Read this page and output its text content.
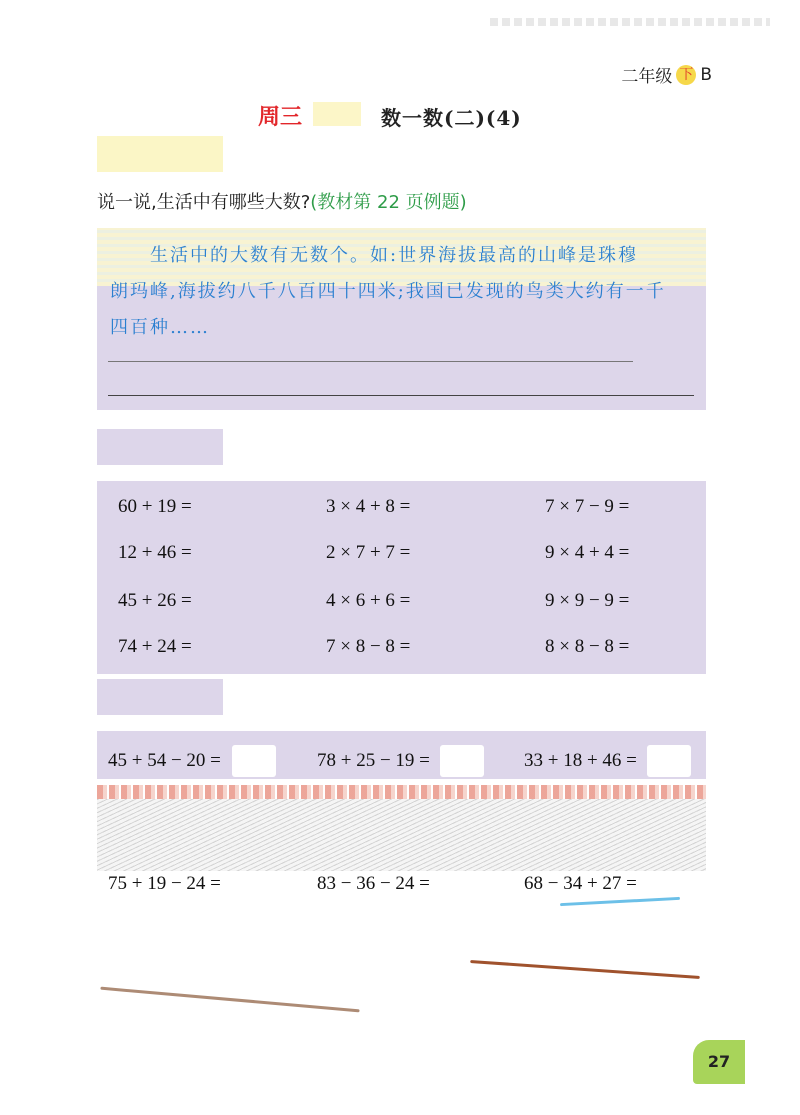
二年级 下 B
周三	数一数(二)(4)
说一说,生活中有哪些大数?(教材第 22 页例题)
　　生活中的大数有无数个。如:世界海拔最高的山峰是珠穆
朗玛峰,海拔约八千八百四十四米;我国已发现的鸟类大约有一千
四百种……
60 + 19 =	3 × 4 + 8 =	7 × 7 − 9 =
12 + 46 =	2 × 7 + 7 =	9 × 4 + 4 =
45 + 26 =	4 × 6 + 6 =	9 × 9 − 9 =
74 + 24 =	7 × 8 − 8 =	8 × 8 − 8 =
45 + 54 − 20 =	78 + 25 − 19 =	33 + 18 + 46 =
75 + 19 − 24 =	83 − 36 − 24 =	68 − 34 + 27 =
27
